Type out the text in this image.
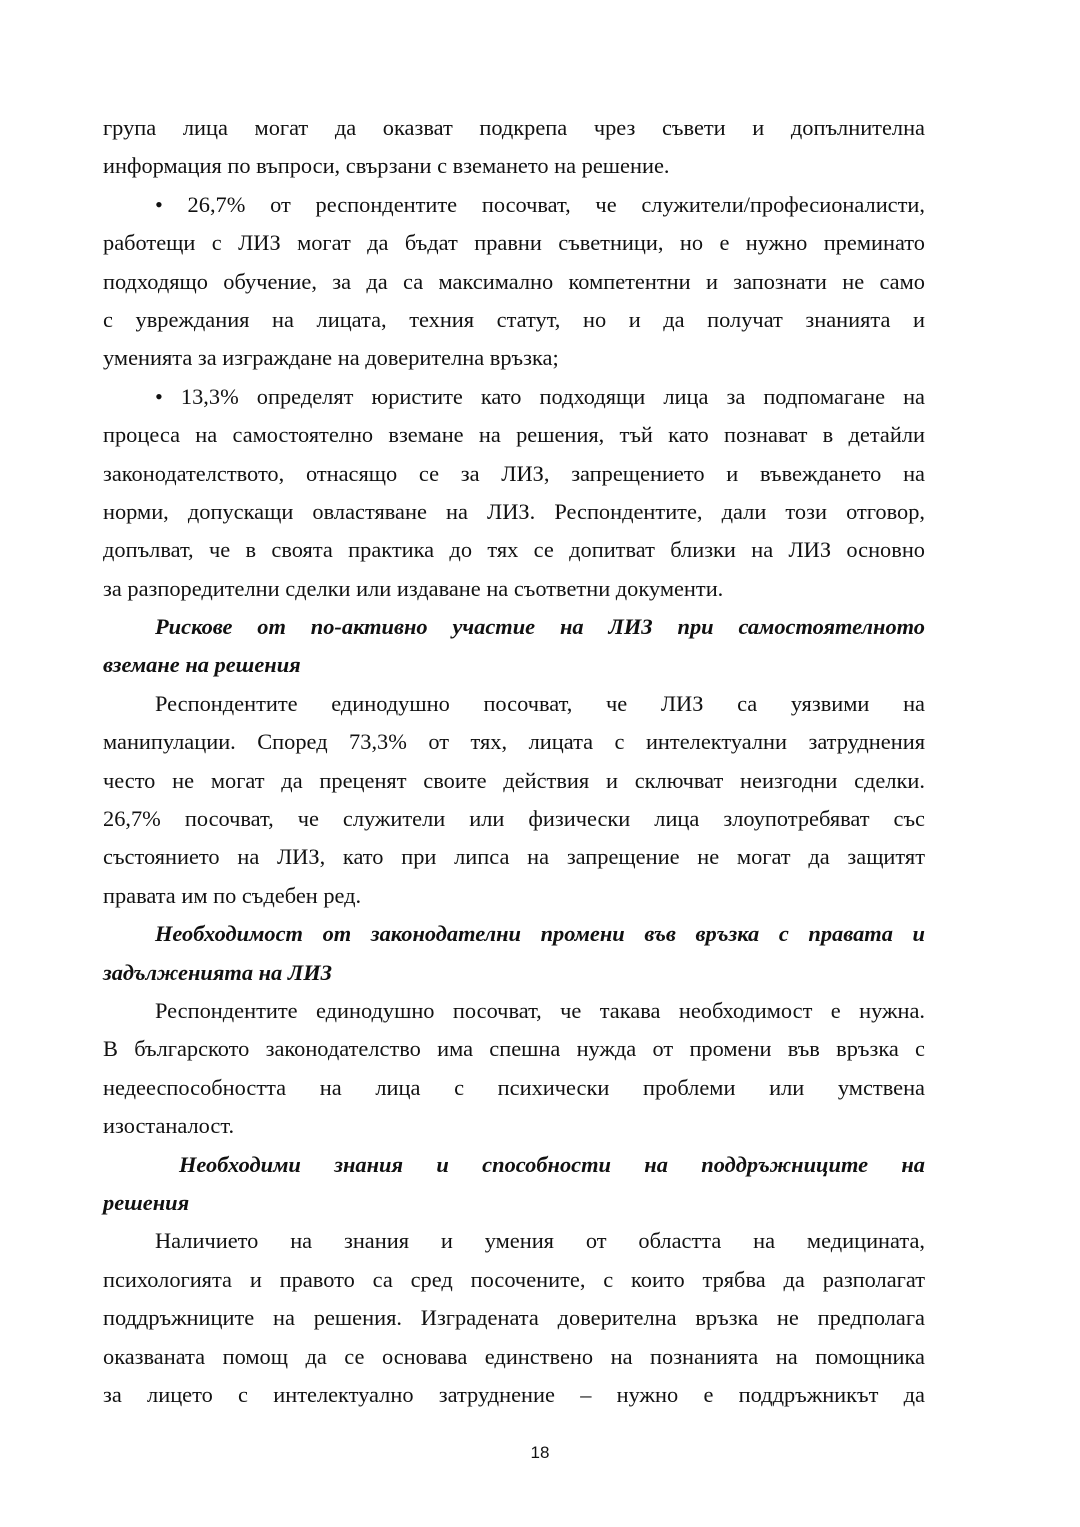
група лица могат да оказват подкрепа чрез съвети и допълнителна
информация по въпроси, свързани с вземането на решение.
• 26,7% от респондентите посочват, че служители/професионалисти,
работещи с ЛИЗ могат да бъдат правни съветници, но е нужно преминато
подходящо обучение, за да са максимално компетентни и запознати не само
с увреждания на лицата, техния статут, но и да получат знанията и
уменията за изграждане на доверителна връзка;
• 13,3% определят юристите като подходящи лица за подпомагане на
процеса на самостоятелно вземане на решения, тъй като познават в детайли
законодателството, отнасящо се за ЛИЗ, запрещението и въвеждането на
норми, допускащи овластяване на ЛИЗ. Респондентите, дали този отговор,
допълват, че в своята практика до тях се допитват близки на ЛИЗ основно
за разпоредителни сделки или издаване на съответни документи.
Рискове от по-активно участие на ЛИЗ при самостоятелното
вземане на решения
Респондентите единодушно посочват, че ЛИЗ са уязвими на
манипулации. Според 73,3% от тях, лицата с интелектуални затруднения
често не могат да преценят своите действия и сключват неизгодни сделки.
26,7% посочват, че служители или физически лица злоупотребяват със
състоянието на ЛИЗ, като при липса на запрещение не могат да защитят
правата им по съдебен ред.
Необходимост от законодателни промени във връзка с правата и
задълженията на ЛИЗ
Респондентите единодушно посочват, че такава необходимост е нужна.
В българското законодателство има спешна нужда от промени във връзка с
недееспособността на лица с психически проблеми или умствена
изостаналост.
Необходими знания и способности на поддръжниците на
решения
Наличието на знания и умения от областта на медицината,
психологията и правото са сред посочените, с които трябва да разполагат
поддръжниците на решения. Изградената доверителна връзка не предполага
оказваната помощ да се основава единствено на познанията на помощника
за лицето с интелектуално затруднение – нужно е поддръжникът да
18
